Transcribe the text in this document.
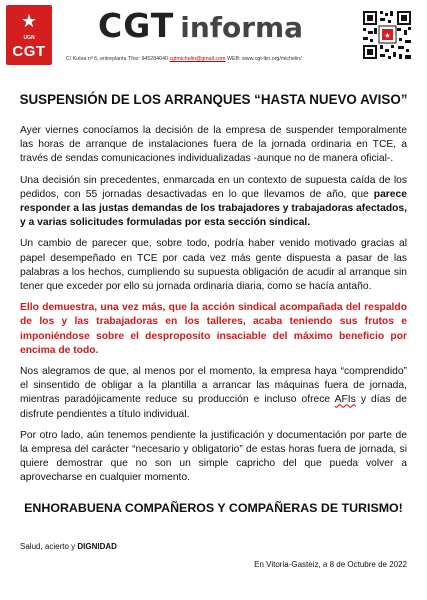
★
UGN
CGT
CGT informa
C/ Kutxa nº 6, entreplanta Tfno: 945284040 cgtmichelin@gmail.com WEB: www.cgt-lkn.org/michelin/
★
SUSPENSIÓN DE LOS ARRANQUES “HASTA NUEVO AVISO”

Ayer viernes conocíamos la decisión de la empresa de suspender temporalmente las horas de arranque de instalaciones fuera de la jornada ordinaria en TCE, a través de sendas comunicaciones individualizadas -aunque no de manera oficial-.

Una decisión sin precedentes, enmarcada en un contexto de supuesta caída de los pedidos, con 55 jornadas desactivadas en lo que llevamos de año, que parece responder a las justas demandas de los trabajadores y trabajadoras afectados, y a varias solicitudes formuladas por esta sección sindical.

Un cambio de parecer que, sobre todo, podría haber venido motivado gracias al papel desempeñado en TCE por cada vez más gente dispuesta a pasar de las palabras a los hechos, cumpliendo su supuesta obligación de acudir al arranque sin tener que exceder por ello su jornada ordinaria diaria, como se hacía antaño.

Ello demuestra, una vez más, que la acción sindical acompañada del respaldo de los y las trabajadoras en los talleres, acaba teniendo sus frutos e imponiéndose sobre el desproposito insaciable del máximo beneficio por encima de todo.

Nos alegramos de que, al menos por el momento, la empresa haya “comprendido” el sinsentido de obligar a la plantilla a arrancar las máquinas fuera de jornada, mientras paradójicamente reduce su producción e incluso ofrece AFIs y días de disfrute pendientes a título individual.

Por otro lado, aún tenemos pendiente la justificación y documentación por parte de la empresa del carácter “necesario y obligatorio” de estas horas fuera de jornada, si quiere demostrar que no son un simple capricho del que pueda volver a aprovecharse en cualquier momento.

ENHORABUENA COMPAÑEROS Y COMPAÑERAS DE TURISMO!
Salud, acierto y DIGNIDAD
En Vitoria-Gasteiz, a 8 de Octubre de 2022
